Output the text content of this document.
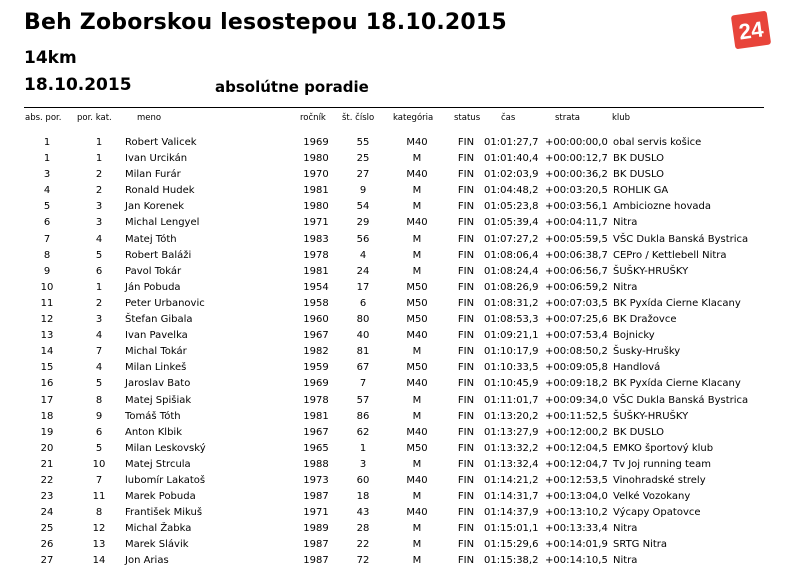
Beh Zoborskou lesostepou 18.10.2015
14km
18.10.2015	absolútne poradie
24
abs. por. por. kat.	meno	ročník št. číslo kategória status čas	strata	klub
1	1	Robert Valicek	1969	55	M40	FIN 01:01:27,7 +00:00:00,0 obal servis košice
1	1	Ivan Urcikán	1980	25	M	FIN 01:01:40,4 +00:00:12,7 BK DUSLO
3	2	Milan Furár	1970	27	M40	FIN 01:02:03,9 +00:00:36,2 BK DUSLO
4	2	Ronald Hudek	1981	9	M	FIN 01:04:48,2 +00:03:20,5 ROHLIK GA
5	3	Jan Korenek	1980	54	M	FIN 01:05:23,8 +00:03:56,1 Ambiciozne hovada
6	3	Michal Lengyel	1971	29	M40	FIN 01:05:39,4 +00:04:11,7 Nitra
7	4	Matej Tóth	1983	56	M	FIN 01:07:27,2 +00:05:59,5 VŠC Dukla Banská Bystrica
8	5	Robert Baláži	1978	4	M	FIN 01:08:06,4 +00:06:38,7 CEPro / Kettlebell Nitra
9	6	Pavol Tokár	1981	24	M	FIN 01:08:24,4 +00:06:56,7 ŠUŠKY-HRUŠKY
10	1	Ján Pobuda	1954	17	M50	FIN 01:08:26,9 +00:06:59,2 Nitra
11	2	Peter Urbanovic	1958	6	M50	FIN 01:08:31,2 +00:07:03,5 BK Pyxída Cierne Klacany
12	3	Štefan Gibala	1960	80	M50	FIN 01:08:53,3 +00:07:25,6 BK Dražovce
13	4	Ivan Pavelka	1967	40	M40	FIN 01:09:21,1 +00:07:53,4 Bojnicky
14	7	Michal Tokár	1982	81	M	FIN 01:10:17,9 +00:08:50,2 Šusky-Hrušky
15	4	Milan Linkeš	1959	67	M50	FIN 01:10:33,5 +00:09:05,8 Handlová
16	5	Jaroslav Bato	1969	7	M40	FIN 01:10:45,9 +00:09:18,2 BK Pyxída Cierne Klacany
17	8	Matej Spišiak	1978	57	M	FIN 01:11:01,7 +00:09:34,0 VŠC Dukla Banská Bystrica
18	9	Tomáš Tóth	1981	86	M	FIN 01:13:20,2 +00:11:52,5 ŠUŠKY-HRUŠKY
19	6	Anton Klbik	1967	62	M40	FIN 01:13:27,9 +00:12:00,2 BK DUSLO
20	5	Milan Leskovský	1965	1	M50	FIN 01:13:32,2 +00:12:04,5 EMKO športový klub
21	10	Matej Strcula	1988	3	M	FIN 01:13:32,4 +00:12:04,7 Tv Joj running team
22	7	lubomír Lakatoš	1973	60	M40	FIN 01:14:21,2 +00:12:53,5 Vinohradské strely
23	11	Marek Pobuda	1987	18	M	FIN 01:14:31,7 +00:13:04,0 Velké Vozokany
24	8	František Mikuš	1971	43	M40	FIN 01:14:37,9 +00:13:10,2 Výcapy Opatovce
25	12	Michal Žabka	1989	28	M	FIN 01:15:01,1 +00:13:33,4 Nitra
26	13	Marek Slávik	1987	22	M	FIN 01:15:29,6 +00:14:01,9 SRTG Nitra
27	14	Jon Arias	1987	72	M	FIN 01:15:38,2 +00:14:10,5 Nitra
